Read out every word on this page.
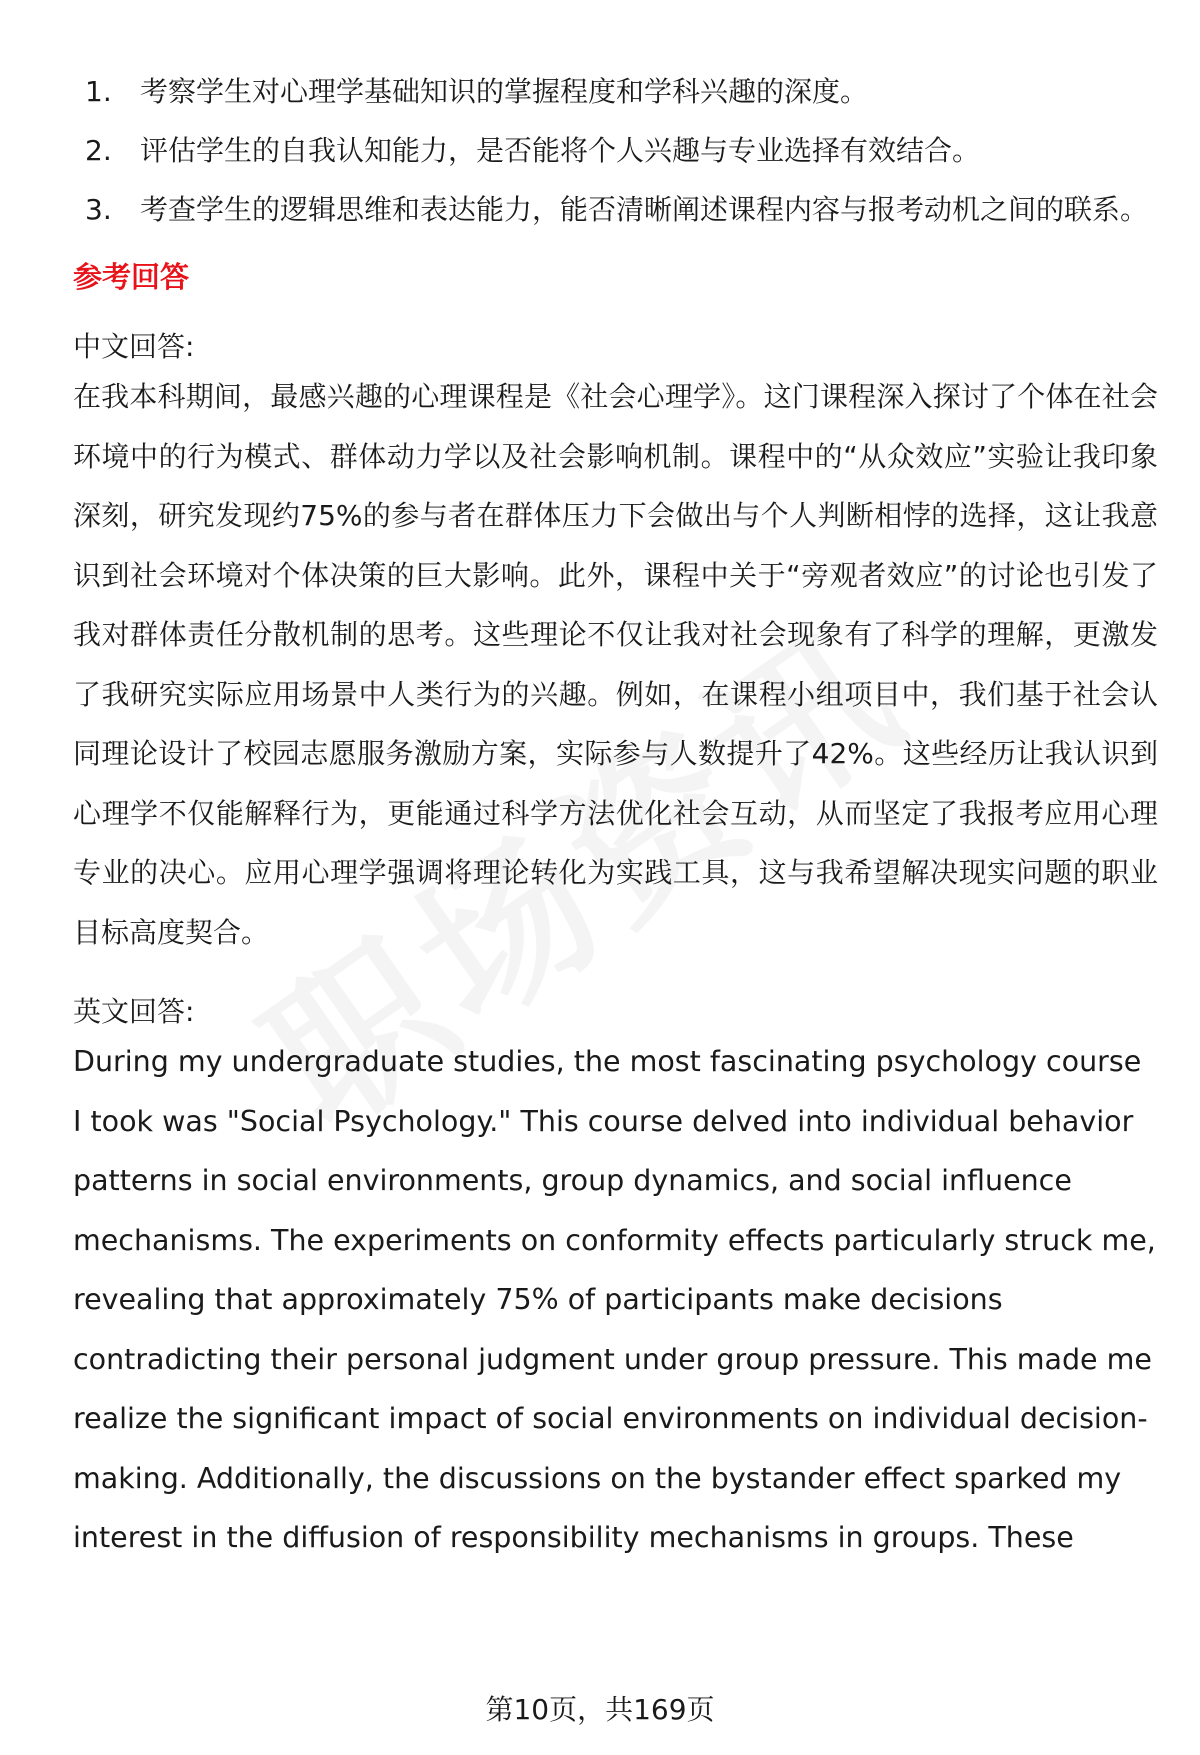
1.	考察学生对心理学基础知识的掌握程度和学科兴趣的深度。
2.	评估学生的自我认知能力，是否能将个人兴趣与专业选择有效结合。
3.	考查学生的逻辑思维和表达能力，能否清晰阐述课程内容与报考动机之间的联系。
参考回答
中文回答:

在我本科期间，最感兴趣的心理课程是《社会心理学》。这门课程深入探讨了个体在社会环境中的行为模式、群体动力学以及社会影响机制。课程中的“从众效应”实验让我印象深刻，研究发现约75%的参与者在群体压力下会做出与个人判断相悖的选择，这让我意识到社会环境对个体决策的巨大影响。此外，课程中关于“旁观者效应”的讨论也引发了我对群体责任分散机制的思考。这些理论不仅让我对社会现象有了科学的理解，更激发了我研究实际应用场景中人类行为的兴趣。例如，在课程小组项目中，我们基于社会认同理论设计了校园志愿服务激励方案，实际参与人数提升了42%。这些经历让我认识到心理学不仅能解释行为，更能通过科学方法优化社会互动，从而坚定了我报考应用心理专业的决心。应用心理学强调将理论转化为实践工具，这与我希望解决现实问题的职业目标高度契合。

英文回答:

During my undergraduate studies, the most fascinating psychology course I took was "Social Psychology." This course delved into individual behavior patterns in social environments, group dynamics, and social influence mechanisms. The experiments on conformity effects particularly struck me, revealing that approximately 75% of participants make decisions contradicting their personal judgment under group pressure. This made me realize the significant impact of social environments on individual decision-making. Additionally, the discussions on the bystander effect sparked my interest in the diffusion of responsibility mechanisms in groups. These

第10页，共169页
